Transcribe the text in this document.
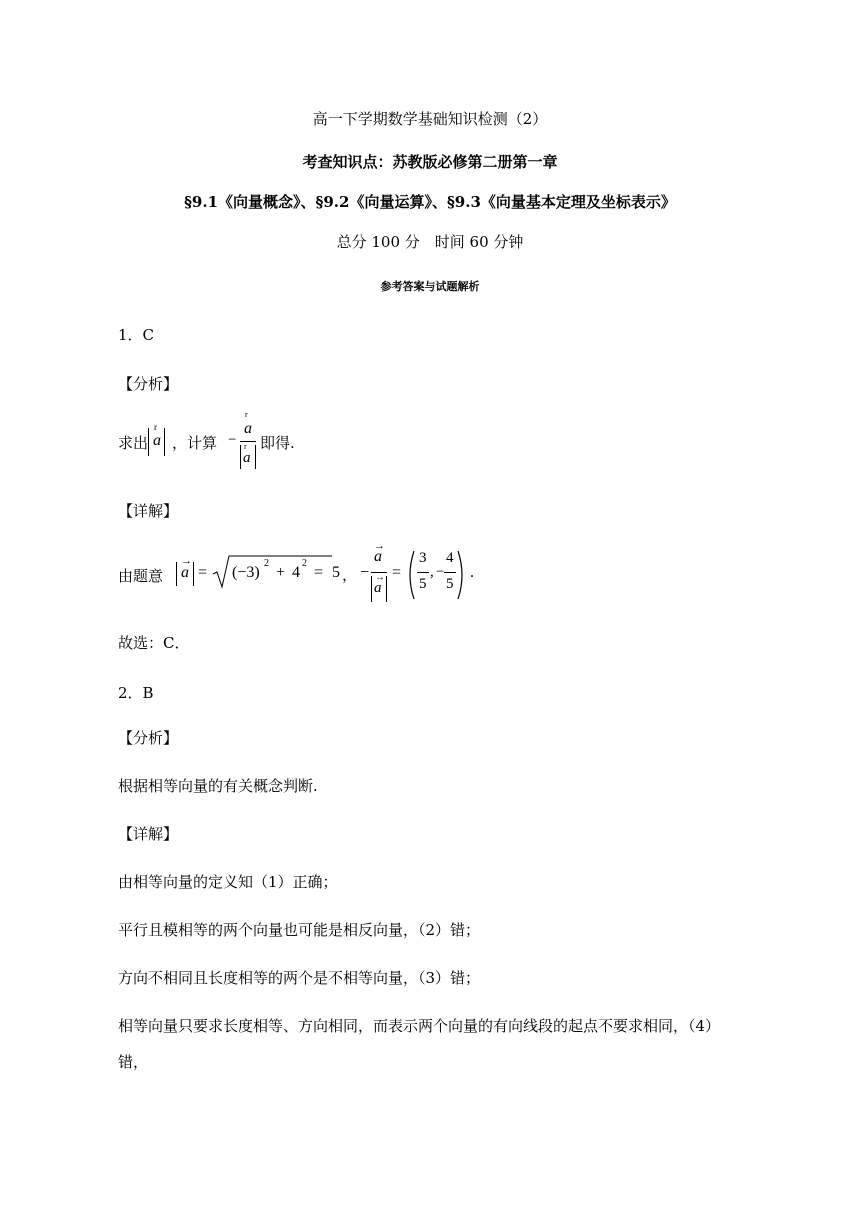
高一下学期数学基础知识检测（2）
考查知识点：苏教版必修第二册第一章
§9.1《向量概念》、§9.2《向量运算》、§9.3《向量基本定理及坐标表示》
总分 100 分　时间 60 分钟
参考答案与试题解析
1．C
【分析】
求出
r
a ，计算 −
r
a
r
a
即得.
【详解】
由题意
→
a = (−3)
2
+ 4
2
= 5 ， −
→
a
→
a
=
3
5
, −
4
5
.
故选：C．
2．B
【分析】
根据相等向量的有关概念判断.
【详解】
由相等向量的定义知（1）正确；
平行且模相等的两个向量也可能是相反向量，（2）错；
方向不相同且长度相等的两个是不相等向量，（3）错；
相等向量只要求长度相等、方向相同，而表示两个向量的有向线段的起点不要求相同，（4）
错，
